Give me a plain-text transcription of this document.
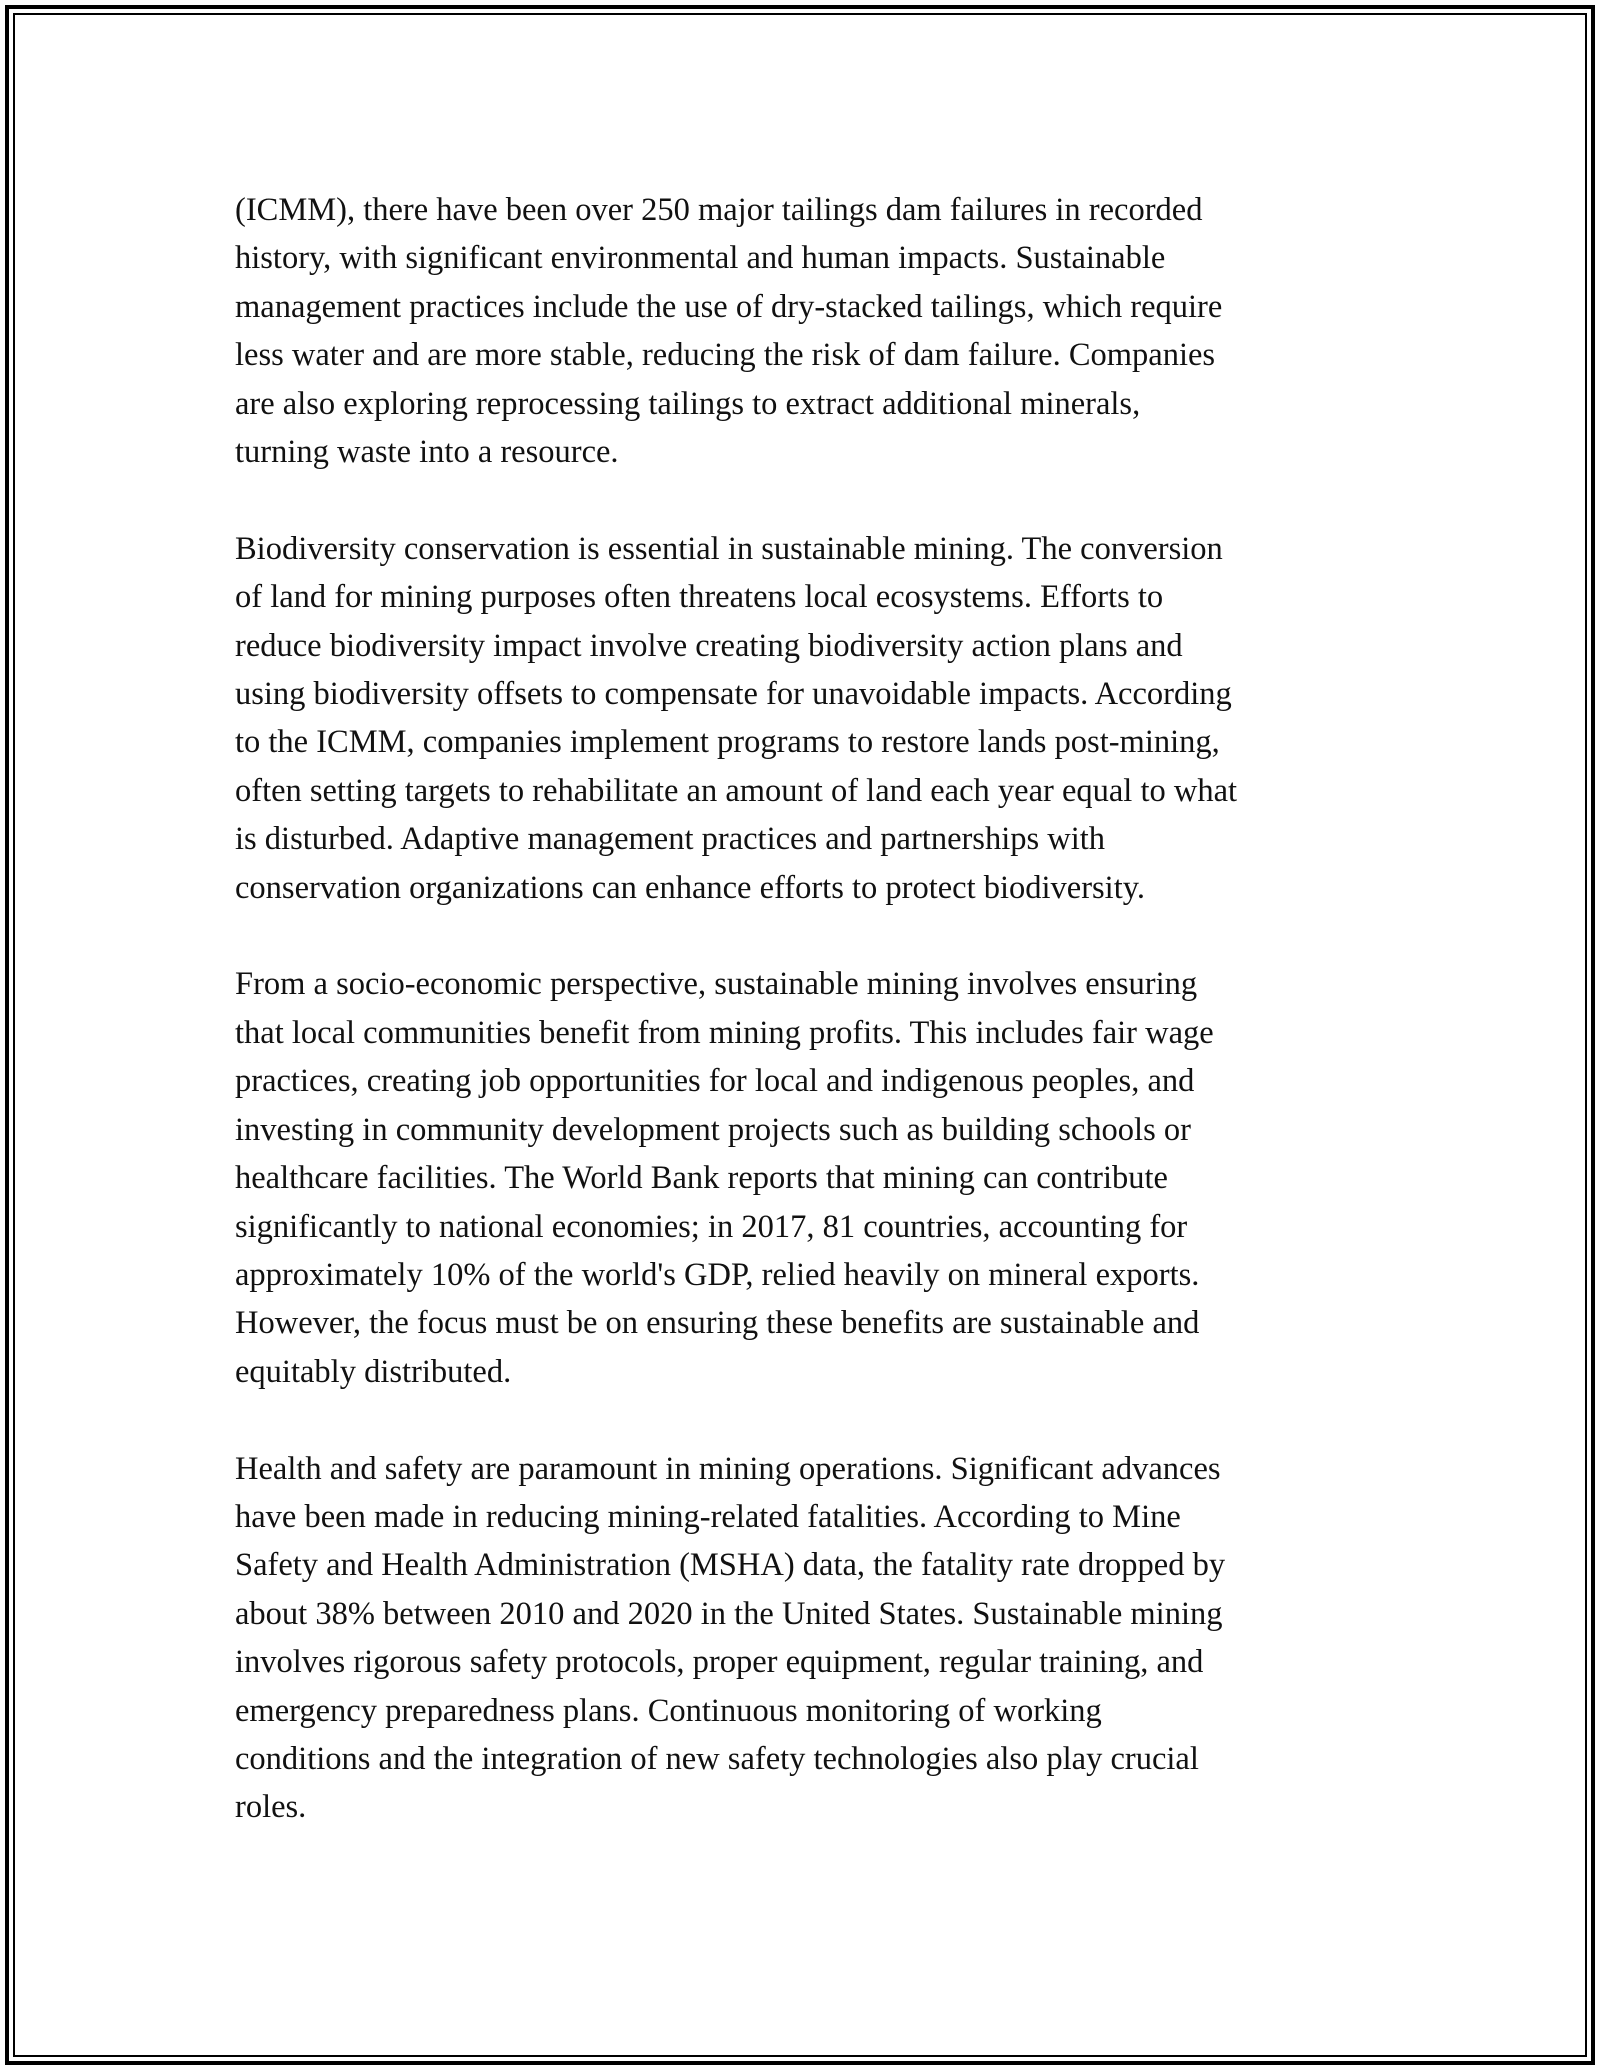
(ICMM), there have been over 250 major tailings dam failures in recorded
history, with significant environmental and human impacts. Sustainable
management practices include the use of dry-stacked tailings, which require
less water and are more stable, reducing the risk of dam failure. Companies
are also exploring reprocessing tailings to extract additional minerals,
turning waste into a resource.

Biodiversity conservation is essential in sustainable mining. The conversion
of land for mining purposes often threatens local ecosystems. Efforts to
reduce biodiversity impact involve creating biodiversity action plans and
using biodiversity offsets to compensate for unavoidable impacts. According
to the ICMM, companies implement programs to restore lands post-mining,
often setting targets to rehabilitate an amount of land each year equal to what
is disturbed. Adaptive management practices and partnerships with
conservation organizations can enhance efforts to protect biodiversity.

From a socio-economic perspective, sustainable mining involves ensuring
that local communities benefit from mining profits. This includes fair wage
practices, creating job opportunities for local and indigenous peoples, and
investing in community development projects such as building schools or
healthcare facilities. The World Bank reports that mining can contribute
significantly to national economies; in 2017, 81 countries, accounting for
approximately 10% of the world's GDP, relied heavily on mineral exports.
However, the focus must be on ensuring these benefits are sustainable and
equitably distributed.

Health and safety are paramount in mining operations. Significant advances
have been made in reducing mining-related fatalities. According to Mine
Safety and Health Administration (MSHA) data, the fatality rate dropped by
about 38% between 2010 and 2020 in the United States. Sustainable mining
involves rigorous safety protocols, proper equipment, regular training, and
emergency preparedness plans. Continuous monitoring of working
conditions and the integration of new safety technologies also play crucial
roles.
